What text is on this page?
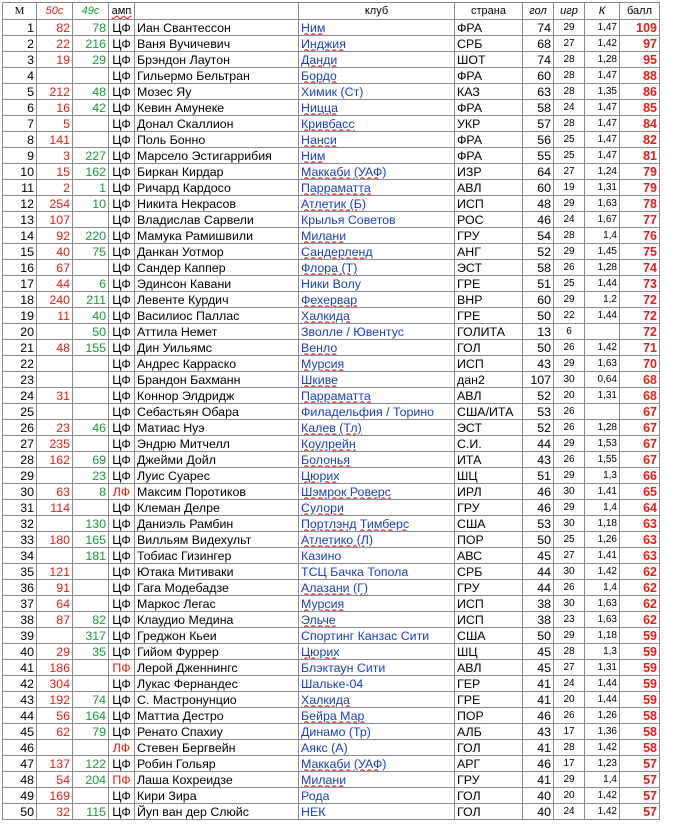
М	50с	49с	амп		клуб	страна	гол	игр	К	балл
1	82	78	ЦФ	Иан Свантессон	Ним	ФРА	74	29	1,47	109
2	22	216	ЦФ	Ваня Вучичевич	Инджия	СРБ	68	27	1,42	97
3	19	29	ЦФ	Брэндон Лаутон	Данди	ШОТ	74	28	1,28	95
4			ЦФ	Гильермо Бельтран	Бордо	ФРА	60	28	1,47	88
5	212	48	ЦФ	Мозес Яу	Химик (Ст)	КАЗ	63	28	1,35	86
6	16	42	ЦФ	Кевин Амунеке	Ницца	ФРА	58	24	1,47	85
7	5		ЦФ	Донал Скаллион	Кривбасс	УКР	57	28	1,47	84
8	141		ЦФ	Поль Бонно	Нанси	ФРА	56	25	1,47	82
9	3	227	ЦФ	Марсело Эстигаррибия	Ним	ФРА	55	25	1,47	81
10	15	162	ЦФ	Биркан Кирдар	Маккаби (УАФ)	ИЗР	64	27	1,24	79
11	2	1	ЦФ	Ричард Кардосо	Парраматта	АВЛ	60	19	1,31	79
12	254	10	ЦФ	Никита Некрасов	Атлетик (Б)	ИСП	48	29	1,63	78
13	107		ЦФ	Владислав Сарвели	Крылья Советов	РОС	46	24	1,67	77
14	92	220	ЦФ	Мамука Рамишвили	Милани	ГРУ	54	28	1,4	76
15	40	75	ЦФ	Данкан Уотмор	Сандерленд	АНГ	52	29	1,45	75
16	67		ЦФ	Сандер Каппер	Флора (Т)	ЭСТ	58	26	1,28	74
17	44	6	ЦФ	Эдинсон Кавани	Ники Волу	ГРЕ	51	25	1,44	73
18	240	211	ЦФ	Левенте Курдич	Фехервар	ВНР	60	29	1,2	72
19	11	40	ЦФ	Василиос Паллас	Халкида	ГРЕ	50	22	1,44	72
20		50	ЦФ	Аттила Немет	Зволле / Ювентус	ГОЛИТА	13	6		72
21	48	155	ЦФ	Дин Уильямс	Венло	ГОЛ	50	26	1,42	71
22			ЦФ	Андрес Карраско	Мурсия	ИСП	43	29	1,63	70
23			ЦФ	Брандон Бахманн	Шкиве	дан2	107	30	0,64	68
24	31		ЦФ	Коннор Элдридж	Парраматта	АВЛ	52	20	1,31	68
25			ЦФ	Себастьян Обара	Филадельфия / Торино	США/ИТА	53	26		67
26	23	46	ЦФ	Матиас Нуэ	Калев (Тл)	ЭСТ	52	26	1,28	67
27	235		ЦФ	Эндрю Митчелл	Коулрейн	С.И.	44	29	1,53	67
28	162	69	ЦФ	Джейми Дойл	Болонья	ИТА	43	26	1,55	67
29		23	ЦФ	Луис Суарес	Цюрих	ШЦ	51	29	1,3	66
30	63	8	ЛФ	Максим Поротиков	Шэмрок Роверс	ИРЛ	46	30	1,41	65
31	114		ЦФ	Клеман Делре	Сулори	ГРУ	46	29	1,4	64
32		130	ЦФ	Даниэль Рамбин	Портлэнд Тимберс	США	53	30	1,18	63
33	180	165	ЦФ	Вилльям Видехульт	Атлетико (Л)	ПОР	50	25	1,26	63
34		181	ЦФ	Тобиас Гизингер	Казино	АВС	45	27	1,41	63
35	121		ЦФ	Ютака Митиваки	ТСЦ Бачка Топола	СРБ	44	30	1,42	62
36	91		ЦФ	Гага Модебадзе	Алазани (Г)	ГРУ	44	26	1,4	62
37	64		ЦФ	Маркос Легас	Мурсия	ИСП	38	30	1,63	62
38	87	82	ЦФ	Клаудио Медина	Эльче	ИСП	38	23	1,63	62
39		317	ЦФ	Греджон Кьеи	Спортинг Канзас Сити	США	50	29	1,18	59
40	29	35	ЦФ	Гийом Фуррер	Цюрих	ШЦ	45	28	1,3	59
41	186		ПФ	Лерой Дженнингс	Блэктаун Сити	АВЛ	45	27	1,31	59
42	304		ЦФ	Лукас Фернандес	Шальке-04	ГЕР	41	24	1,44	59
43	192	74	ЦФ	С. Мастронунцио	Халкида	ГРЕ	41	20	1,44	59
44	56	164	ЦФ	Маттиа Дестро	Бейра Мар	ПОР	46	26	1,26	58
45	62	79	ЦФ	Ренато Спахиу	Динамо (Тр)	АЛБ	43	17	1,36	58
46			ЛФ	Стевен Бергвейн	Аякс (А)	ГОЛ	41	28	1,42	58
47	137	122	ЦФ	Робин Гольяр	Маккаби (УАФ)	АРГ	46	17	1,23	57
48	54	204	ПФ	Лаша Кохреидзе	Милани	ГРУ	41	29	1,4	57
49	169		ЦФ	Кири Зира	Рода	ГОЛ	40	20	1,42	57
50	32	115	ЦФ	Йуп ван дер Слюйс	НЕК	ГОЛ	40	24	1,42	57
